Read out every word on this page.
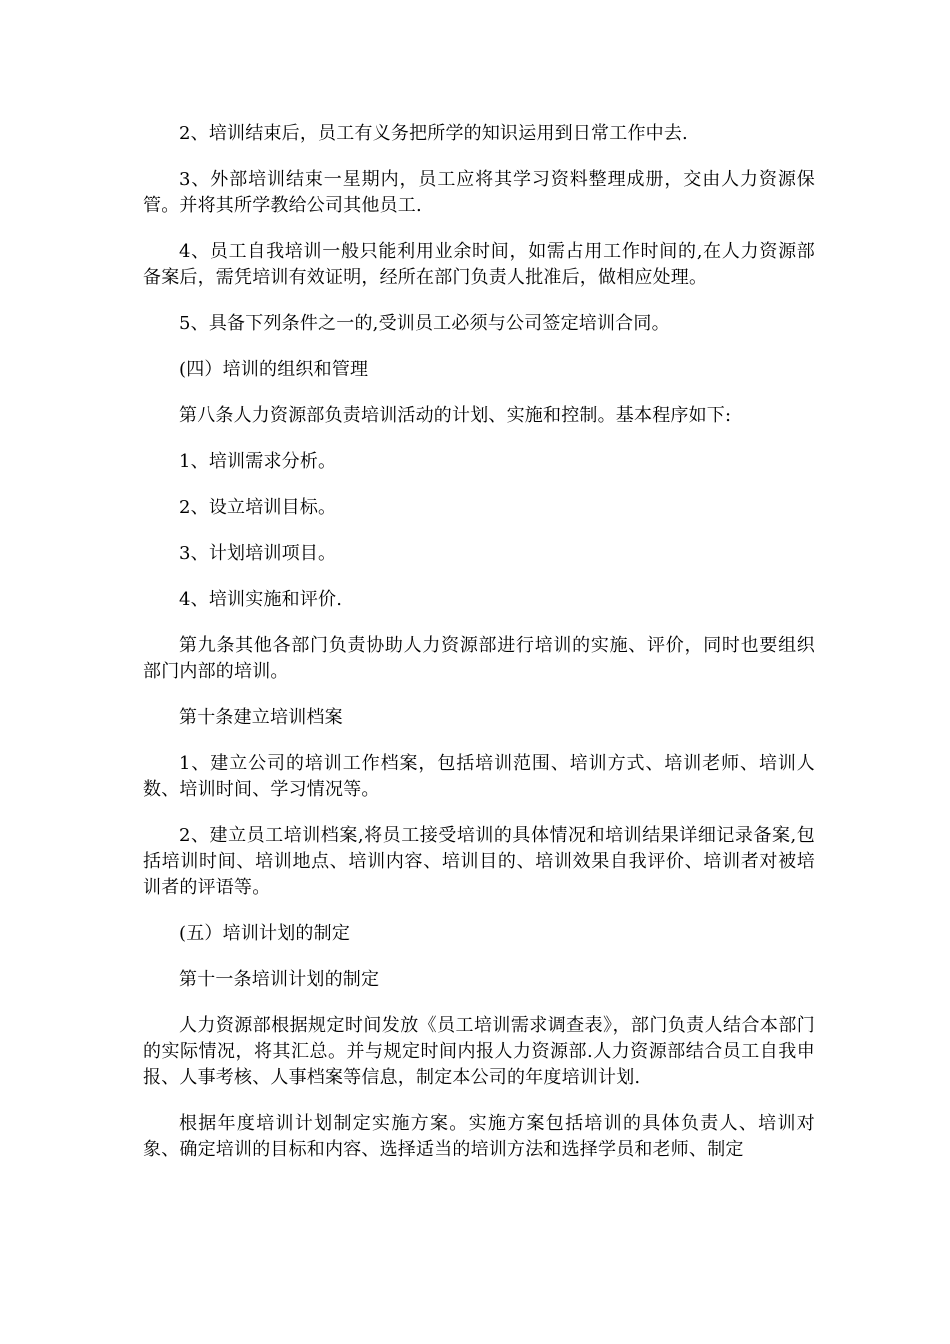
2、培训结束后，员工有义务把所学的知识运用到日常工作中去.

3、外部培训结束一星期内，员工应将其学习资料整理成册，交由人力资源保管。并将其所学教给公司其他员工.

4、员工自我培训一般只能利用业余时间，如需占用工作时间的,在人力资源部备案后，需凭培训有效证明，经所在部门负责人批准后，做相应处理。

5、具备下列条件之一的,受训员工必须与公司签定培训合同。

(四）培训的组织和管理

第八条人力资源部负责培训活动的计划、实施和控制。基本程序如下:

1、培训需求分析。

2、设立培训目标。

3、计划培训项目。

4、培训实施和评价.

第九条其他各部门负责协助人力资源部进行培训的实施、评价，同时也要组织部门内部的培训。

第十条建立培训档案

1、建立公司的培训工作档案，包括培训范围、培训方式、培训老师、培训人数、培训时间、学习情况等。

2、建立员工培训档案,将员工接受培训的具体情况和培训结果详细记录备案,包括培训时间、培训地点、培训内容、培训目的、培训效果自我评价、培训者对被培训者的评语等。

(五）培训计划的制定

第十一条培训计划的制定

人力资源部根据规定时间发放《员工培训需求调查表》，部门负责人结合本部门的实际情况，将其汇总。并与规定时间内报人力资源部.人力资源部结合员工自我申报、人事考核、人事档案等信息，制定本公司的年度培训计划.

根据年度培训计划制定实施方案。实施方案包括培训的具体负责人、培训对象、确定培训的目标和内容、选择适当的培训方法和选择学员和老师、制定
